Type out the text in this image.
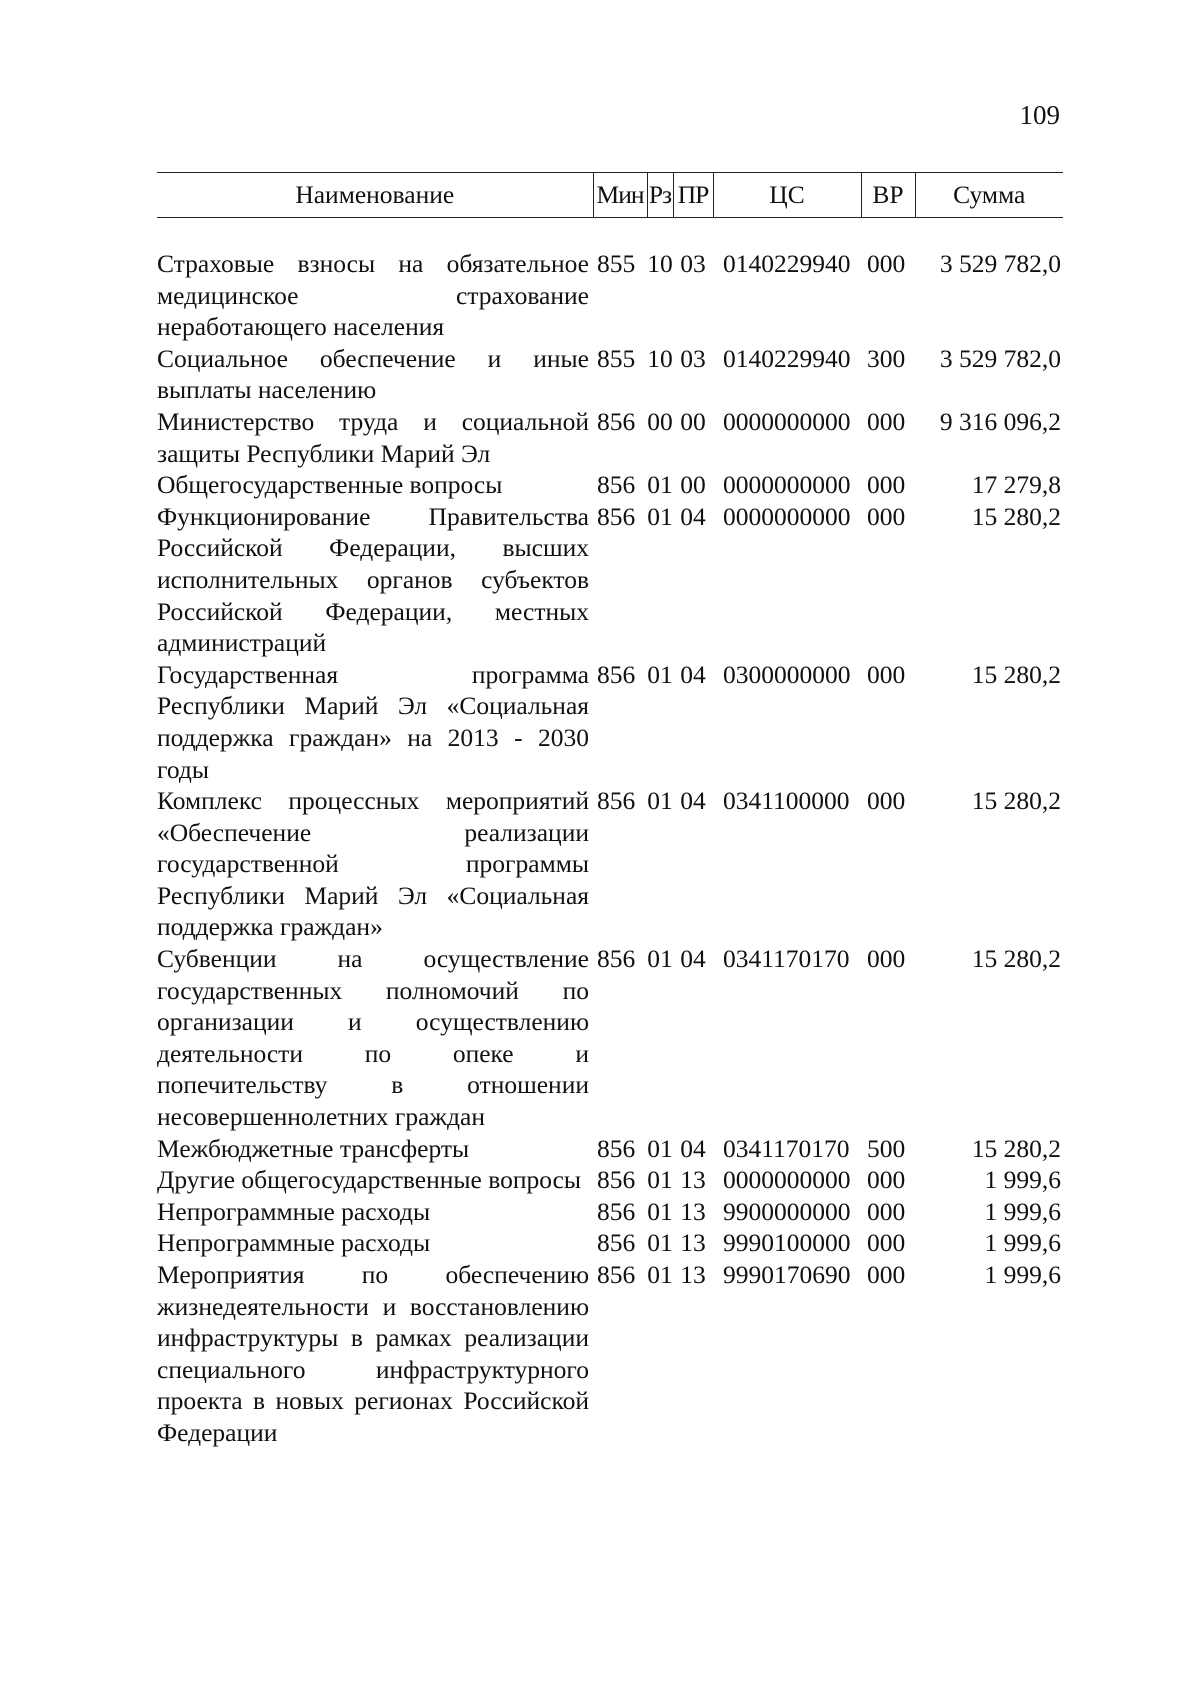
109
Наименование	Мин	Рз	ПР	ЦС	ВР	Сумма

Страховые взносы на обязательное медицинское страхование неработающего населения	855	10	03	0140229940	000	3 529 782,0
Социальное обеспечение и иные выплаты населению	855	10	03	0140229940	300	3 529 782,0
Министерство труда и социальной защиты Республики Марий Эл	856	00	00	0000000000	000	9 316 096,2
Общегосударственные вопросы	856	01	00	0000000000	000	17 279,8
Функционирование Правительства Российской Федерации, высших исполнительных органов субъектов Российской Федерации, местных администраций	856	01	04	0000000000	000	15 280,2
Государственная программа Республики Марий Эл «Социальная поддержка граждан» на 2013 - 2030 годы	856	01	04	0300000000	000	15 280,2
Комплекс процессных мероприятий «Обеспечение реализации государственной программы Республики Марий Эл «Социальная поддержка граждан»	856	01	04	0341100000	000	15 280,2
Субвенции на осуществление государственных полномочий по организации и осуществлению деятельности по опеке и попечительству в отношении несовершеннолетних граждан	856	01	04	0341170170	000	15 280,2
Межбюджетные трансферты	856	01	04	0341170170	500	15 280,2
Другие общегосударственные вопросы	856	01	13	0000000000	000	1 999,6
Непрограммные расходы	856	01	13	9900000000	000	1 999,6
Непрограммные расходы	856	01	13	9990100000	000	1 999,6
Мероприятия по обеспечению жизнедеятельности и восстановлению инфраструктуры в рамках реализации специального инфраструктурного проекта в новых регионах Российской Федерации	856	01	13	9990170690	000	1 999,6
